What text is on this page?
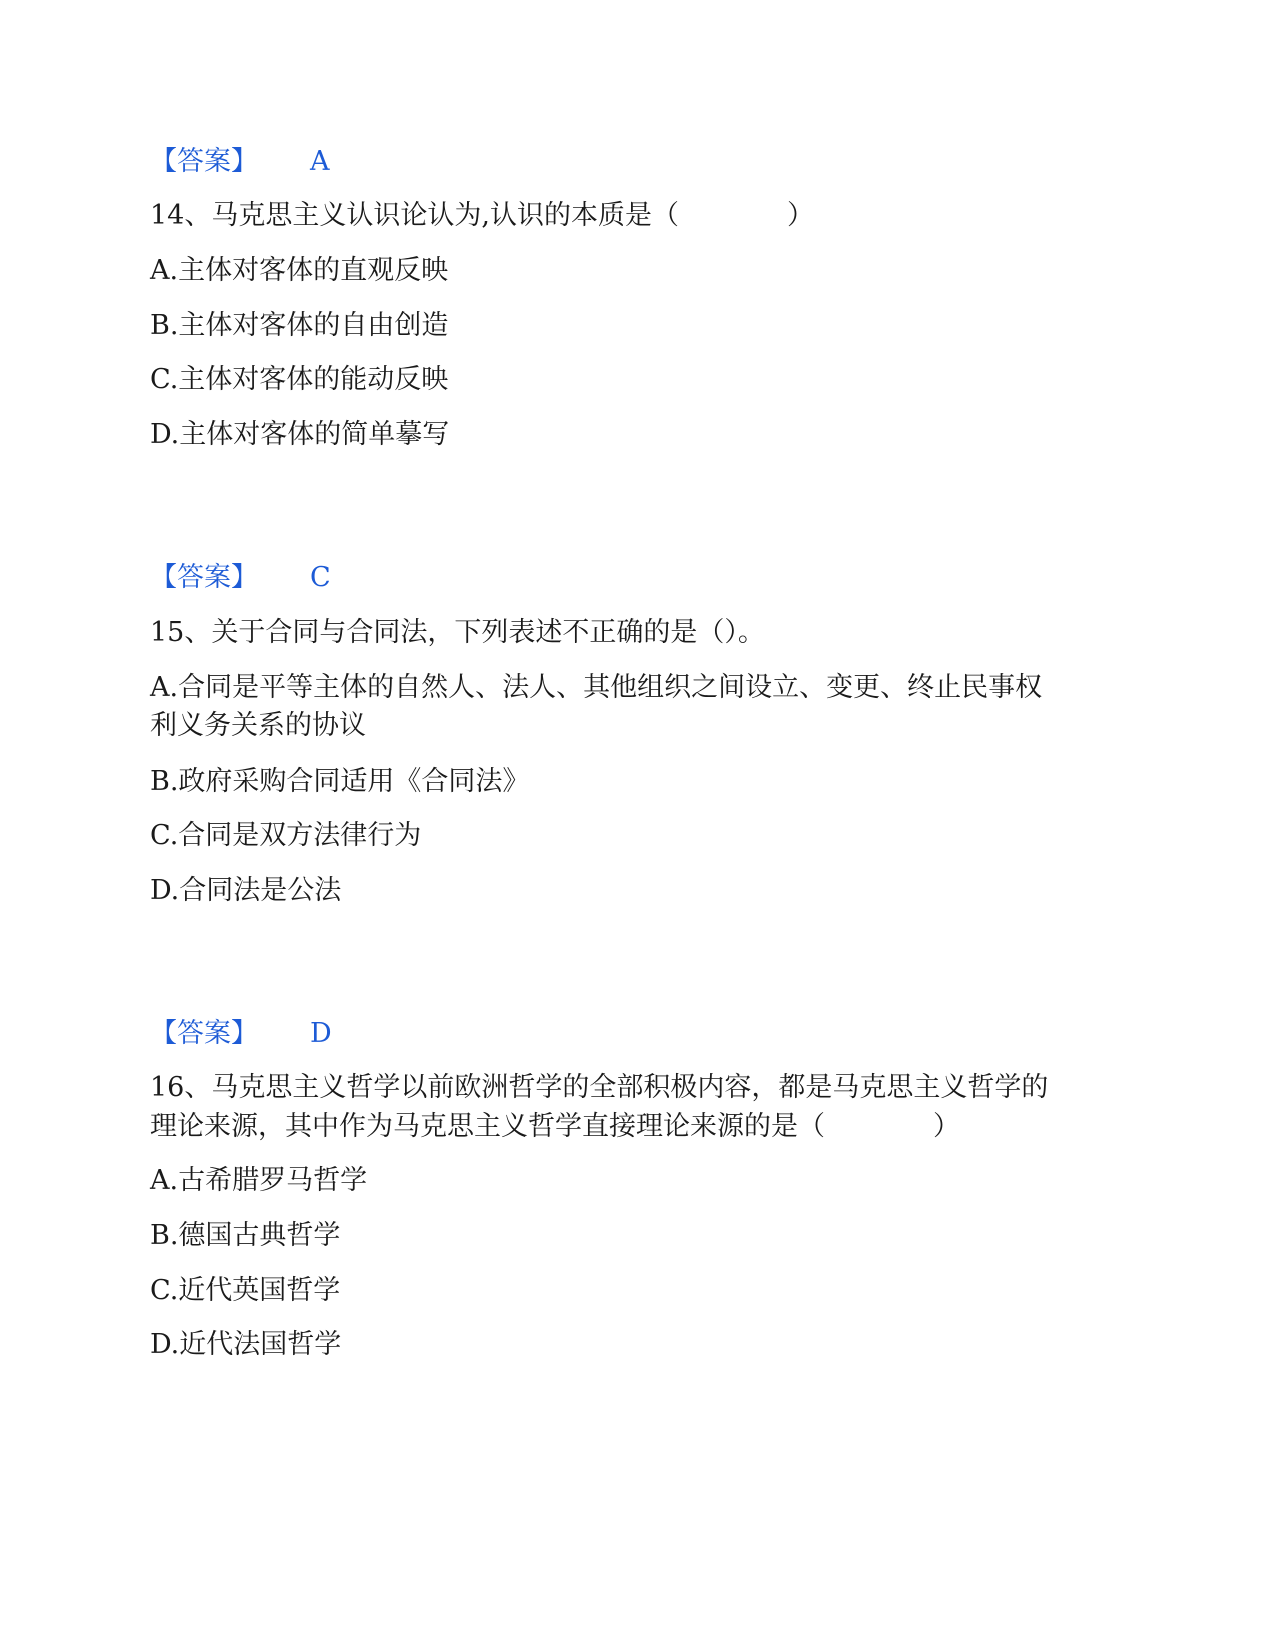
【答案】 A
14、马克思主义认识论认为,认识的本质是（　　　　）
A.主体对客体的直观反映
B.主体对客体的自由创造
C.主体对客体的能动反映
D.主体对客体的简单摹写
【答案】 C
15、关于合同与合同法，下列表述不正确的是（）。
A.合同是平等主体的自然人、法人、其他组织之间设立、变更、终止民事权
利义务关系的协议
B.政府采购合同适用《合同法》
C.合同是双方法律行为
D.合同法是公法
【答案】 D
16、马克思主义哲学以前欧洲哲学的全部积极内容，都是马克思主义哲学的
理论来源，其中作为马克思主义哲学直接理论来源的是（　　　　）
A.古希腊罗马哲学
B.德国古典哲学
C.近代英国哲学
D.近代法国哲学
